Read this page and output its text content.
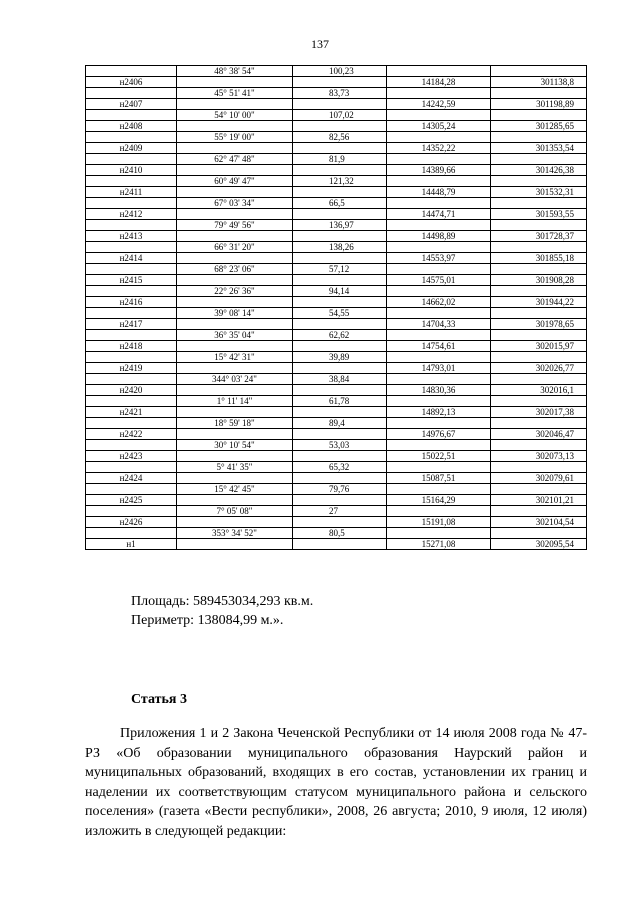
137
	48° 38' 54"	100,23		
н2406			14184,28	301138,8
	45° 51' 41"	83,73		
н2407			14242,59	301198,89
	54° 10' 00"	107,02		
н2408			14305,24	301285,65
	55° 19' 00"	82,56		
н2409			14352,22	301353,54
	62° 47' 48"	81,9		
н2410			14389,66	301426,38
	60° 49' 47"	121,32		
н2411			14448,79	301532,31
	67° 03' 34"	66,5		
н2412			14474,71	301593,55
	79° 49' 56"	136,97		
н2413			14498,89	301728,37
	66° 31' 20"	138,26		
н2414			14553,97	301855,18
	68° 23' 06"	57,12		
н2415			14575,01	301908,28
	22° 26' 36"	94,14		
н2416			14662,02	301944,22
	39° 08' 14"	54,55		
н2417			14704,33	301978,65
	36° 35' 04"	62,62		
н2418			14754,61	302015,97
	15° 42' 31"	39,89		
н2419			14793,01	302026,77
	344° 03' 24"	38,84		
н2420			14830,36	302016,1
	1° 11' 14"	61,78		
н2421			14892,13	302017,38
	18° 59' 18"	89,4		
н2422			14976,67	302046,47
	30° 10' 54"	53,03		
н2423			15022,51	302073,13
	5° 41' 35"	65,32		
н2424			15087,51	302079,61
	15° 42' 45"	79,76		
н2425			15164,29	302101,21
	7° 05' 08"	27		
н2426			15191,08	302104,54
	353° 34' 52"	80,5		
н1			15271,08	302095,54
Площадь: 589453034,293 кв.м.
Периметр: 138084,99 м.».
Статья 3
   Приложения 1 и 2 Закона Чеченской Республики от 14 июля 2008 года № 47-РЗ «Об образовании муниципального образования Наурский район и муниципальных образований, входящих в его состав, установлении их границ и наделении их соответствующим статусом муниципального района и сельского поселения» (газета «Вести республики», 2008, 26 августа; 2010, 9 июля, 12 июля) изложить в следующей редакции:
